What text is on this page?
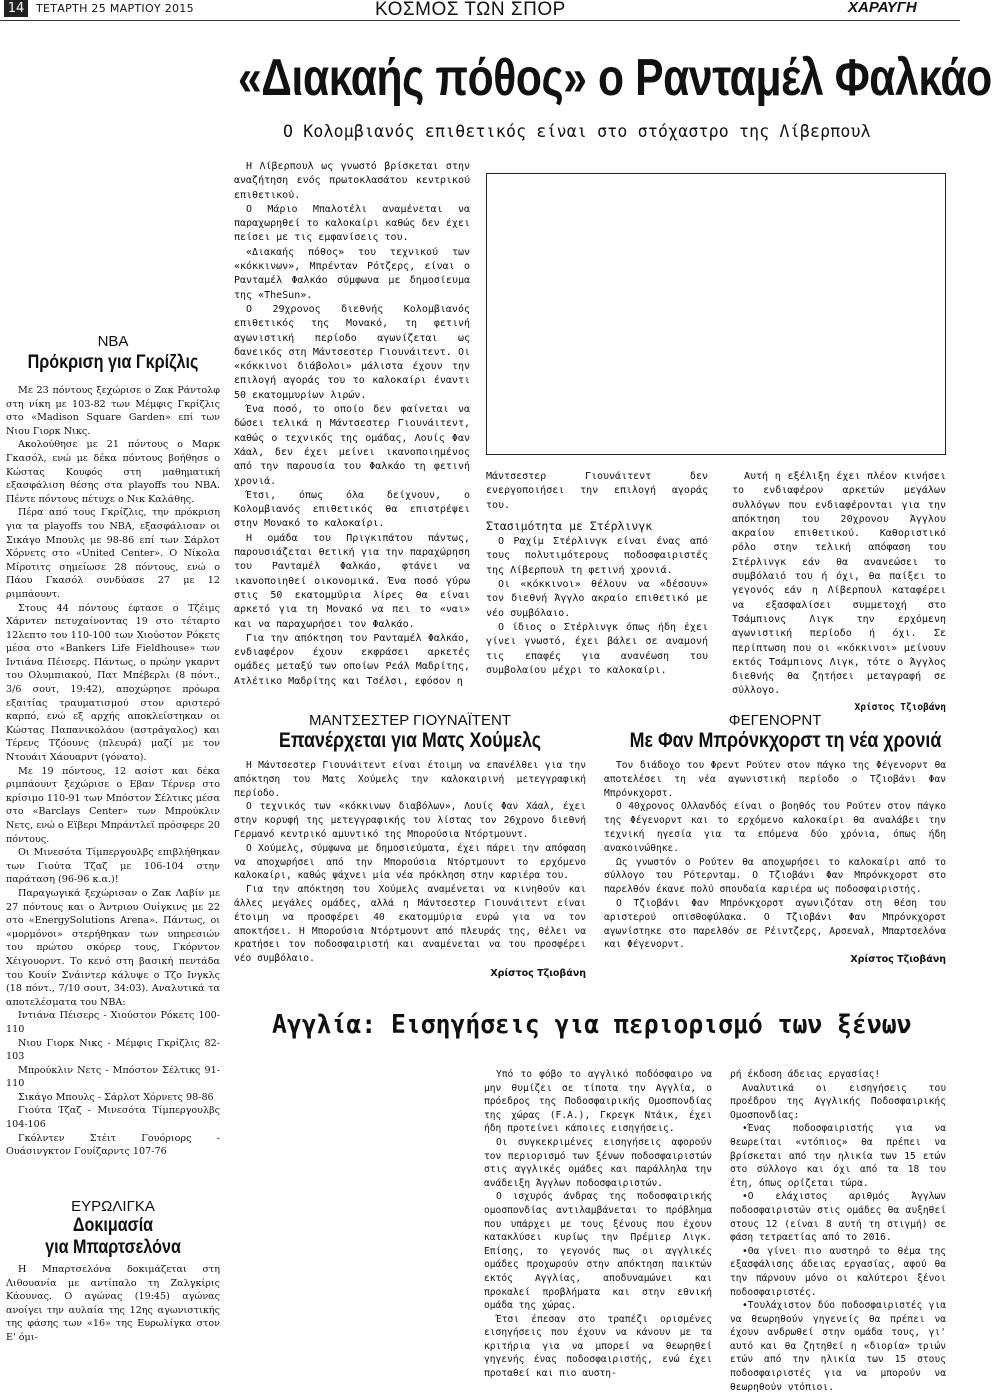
14	ΤΕΤΑΡΤΗ 25 ΜΑΡΤΙΟΥ 2015	ΚΟΣΜΟΣ ΤΩΝ ΣΠΟΡ	ΧΑΡΑΥΓΗ
«Διακαής πόθος» ο Ρανταμέλ Φαλκάο
Ο Κολομβιανός επιθετικός είναι στο στόχαστρο της Λίβερπουλ

Η Λίβερπουλ ως γνωστό βρίσκεται στην αναζήτηση ενός πρωτοκλασάτου κεντρικού επιθετικού.

Ο Μάριο Μπαλοτέλι αναμένεται να παραχωρηθεί το καλοκαίρι καθώς δεν έχει πείσει με τις εμφανίσεις του.

«Διακαής πόθος» του τεχνικού των «κόκκινων», Μπρένταν Ρότζερς, είναι ο Ρανταμέλ Φαλκάο σύμφωνα με δημοσίευμα της «TheSun».

Ο 29χρονος διεθνής Κολομβιανός επιθετικός της Μονακό, τη φετινή αγωνιστική περίοδο αγωνίζεται ως δανεικός στη Μάντσεστερ Γιουνάιτεντ. Οι «κόκκινοι διάβολοι» μάλιστα έχουν την επιλογή αγοράς του το καλοκαίρι έναντι 50 εκατομμυρίων λιρών.

Ένα ποσό, το οποίο δεν φαίνεται να δώσει τελικά η Μάντσεστερ Γιουνάιτεντ, καθώς ο τεχνικός της ομάδας, Λουίς Φαν Χάαλ, δεν έχει μείνει ικανοποιημένος από την παρουσία του Φαλκάο τη φετινή χρονιά.

Έτσι, όπως όλα δείχνουν, ο Κολομβιανός επιθετικός θα επιστρέψει στην Μονακό το καλοκαίρι.

Η ομάδα του Πριγκιπάτου πάντως, παρουσιάζεται θετική για την παραχώρηση του Ρανταμέλ Φαλκάο, φτάνει να ικανοποιηθεί οικονομικά. Ένα ποσό γύρω στις 50 εκατομμύρια λίρες θα είναι αρκετό για τη Μονακό να πει το «ναι» και να παραχωρήσει τον Φαλκάο.

Για την απόκτηση του Ρανταμέλ Φαλκάο, ενδιαφέρον έχουν εκφράσει αρκετές ομάδες μεταξύ των οποίων Ρεάλ Μαδρίτης, Ατλέτικο Μαδρίτης και Τσέλσι, εφόσον η

Μάντσεστερ Γιουνάιτεντ δεν ενεργοποιήσει την επιλογή αγοράς του.

Στασιμότητα με Στέρλινγκ

Ο Ραχίμ Στέρλινγκ είναι ένας από τους πολυτιμότερους ποδοσφαιριστές της Λίβερπουλ τη φετινή χρονιά.

Οι «κόκκινοι» θέλουν να «δέσουν» τον διεθνή Άγγλο ακραίο επιθετικό με νέο συμβόλαιο.

Ο ίδιος ο Στέρλινγκ όπως ήδη έχει γίνει γνωστό, έχει βάλει σε αναμονή τις επαφές για ανανέωση του συμβολαίου μέχρι το καλοκαίρι.

Αυτή η εξέλιξη έχει πλέον κινήσει το ενδιαφέρον αρκετών μεγάλων συλλόγων που ενδιαφέρονται για την απόκτηση του 20χρονου Άγγλου ακραίου επιθετικού. Καθοριστικό ρόλο στην τελική απόφαση του Στέρλινγκ εάν θα ανανεώσει το συμβόλαιό του ή όχι, θα παίξει το γεγονός εάν η Λίβερπουλ καταφέρει να εξασφαλίσει συμμετοχή στο Τσάμπιονς Λιγκ την ερχόμενη αγωνιστική περίοδο ή όχι. Σε περίπτωση που οι «κόκκινοι» μείνουν εκτός Τσάμπιονς Λιγκ, τότε ο Άγγλος διεθνής θα ζητήσει μεταγραφή σε σύλλογο.

Χρίστος Τζιοβάνη
NBA
Πρόκριση για Γκρίζλις

Με 23 πόντους ξεχώρισε ο Ζακ Ράντολφ στη νίκη με 103-82 των Μέμφις Γκρίζλις στο «Madison Square Garden» επί των Νιου Γιορκ Νικς.

Ακολούθησε με 21 πόντους ο Μαρκ Γκασόλ, ενώ με δέκα πόντους βοήθησε ο Κώστας Κουφός στη μαθηματική εξασφάλιση θέσης στα playoffs του NBA. Πέντε πόντους πέτυχε ο Νικ Καλάθης.

Πέρα από τους Γκρίζλις, την πρόκριση για τα playoffs του NBA, εξασφάλισαν οι Σικάγο Μπουλς με 98-86 επί των Σάρλοτ Χόρνετς στο «United Center». Ο Νίκολα Μίροτιτς σημείωσε 28 πόντους, ενώ ο Πάου Γκασόλ συνδύασε 27 με 12 ριμπάουντ.

Στους 44 πόντους έφτασε ο Τζέιμς Χάρντεν πετυχαίνοντας 19 στο τέταρτο 12λεπτο του 110-100 των Χιούστον Ρόκετς μέσα στο «Bankers Life Fieldhouse» των Ιντιάνα Πέισερς. Πάντως, ο πρώην γκαρντ του Ολυμπιακού, Πατ Μπέβερλι (8 πόντ., 3/6 σουτ, 19:42), αποχώρησε πρόωρα εξαιτίας τραυματισμού στον αριστερό καρπό, ενώ εξ αρχής αποκλείστηκαν οι Κώστας Παπανικολάου (αστράγαλος) και Τέρενς Τζόουνς (πλευρά) μαζί με τον Ντουάιτ Χάουαρντ (γόνατο).

Με 19 πόντους, 12 ασίστ και δέκα ριμπάουντ ξεχώρισε ο Εβαν Τέρνερ στο κρίσιμο 110-91 των Μπόστον Σέλτικς μέσα στο «Barclays Center» των Μπρούκλιν Νετς, ενώ ο Εϊβερι Μπράντλεϊ πρόσφερε 20 πόντους.

Οι Μινεσότα Τίμπεργουλβς επιβλήθηκαν των Γιούτα Τζαζ με 106-104 στην παράταση (96-96 κ.α.)!

Παραγωγικά ξεχώρισαν ο Ζακ Λαβίν με 27 πόντους και ο Άντριου Ουίγκινς με 22 στο «EnergySolutions Arena». Πάντως, οι «μορμόνοι» στερήθηκαν των υπηρεσιών του πρώτου σκόρερ τους, Γκόρντον Χέιγουορντ. Το κενό στη βασική πεντάδα του Κουίν Σνάιντερ κάλυψε ο Τζο Ινγκλς (18 πόντ., 7/10 σουτ, 34:03). Αναλυτικά τα αποτελέσματα του NBA:

Ιντιάνα Πέισερς - Χιούστον Ρόκετς 100-110

Νιου Γιορκ Νικς - Μέμφις Γκρίζλις 82-103

Μπρούκλιν Νετς - Μπόστον Σέλτικς 91-110

Σικάγο Μπουλς - Σάρλοτ Χόρνετς 98-86

Γιούτα Τζαζ - Μινεσότα Τίμπεργουλβς 104-106

Γκόλντεν Στέιτ Γουόριορς - Ουάσινγκτον Γουίζαρντς 107-76

ΕΥΡΩΛΙΓΚΑ
Δοκιμασία
για Μπαρτσελόνα

Η Μπαρτσελόνα δοκιμάζεται στη Λιθουανία με αντίπαλο τη Ζαλγκίρις Κάουνας. Ο αγώνας (19:45) αγώνας ανοίγει την αυλαία της 12ης αγωνιστικής της φάσης των «16» της Ευρωλίγκα στον Ε' όμι-

ΜΑΝΤΣΕΣΤΕΡ ΓΙΟΥΝΑΪΤΕΝΤ
Επανέρχεται για Ματς Χούμελς

Η Μάντσεστερ Γιουνάιτεντ είναι έτοιμη να επανέλθει για την απόκτηση του Ματς Χούμελς την καλοκαιρινή μετεγγραφική περίοδο.

Ο τεχνικός των «κόκκινων διαβόλων», Λουίς Φαν Χάαλ, έχει στην κορυφή της μετεγγραφικής του λίστας τον 26χρονο διεθνή Γερμανό κεντρικό αμυντικό της Μπορούσια Ντόρτμουντ.

Ο Χούμελς, σύμφωνα με δημοσιεύματα, έχει πάρει την απόφαση να αποχωρήσει από την Μπορούσια Ντόρτμουντ το ερχόμενο καλοκαίρι, καθώς ψάχνει μία νέα πρόκληση στην καριέρα του.

Για την απόκτηση του Χούμελς αναμένεται να κινηθούν και άλλες μεγάλες ομάδες, αλλά η Μάντσεστερ Γιουνάιτεντ είναι έτοιμη να προσφέρει 40 εκατομμύρια ευρώ για να τον αποκτήσει. Η Μπορούσια Ντόρτμουντ από πλευράς της, θέλει να κρατήσει τον ποδοσφαιριστή και αναμένεται να του προσφέρει νέο συμβόλαιο.

Χρίστος Τζιοβάνη
ΦΕΓΕΝΟΡΝΤ
Με Φαν Μπρόνκχορστ τη νέα χρονιά

Τον διάδοχο του Φρεντ Ρούτεν στον πάγκο της Φέγενορντ θα αποτελέσει τη νέα αγωνιστική περίοδο ο Τζιοβάνι Φαν Μπρόνκχορστ.

Ο 40χρονος Ολλανδός είναι ο βοηθός του Ρούτεν στον πάγκο της Φέγενορντ και το ερχόμενο καλοκαίρι θα αναλάβει την τεχνική ηγεσία για τα επόμενα δύο χρόνια, όπως ήδη ανακοινώθηκε.

Ως γνωστόν ο Ρούτεν θα αποχωρήσει το καλοκαίρι από το σύλλογο του Ρότερνταμ. Ο Τζιοβάνι Φαν Μπρόνκχορστ στο παρελθόν έκανε πολύ σπουδαία καριέρα ως ποδοσφαιριστής.

Ο Τζιοβάνι Φαν Μπρόνκχορστ αγωνιζόταν στη θέση του αριστερού οπισθοφύλακα. Ο Τζιοβάνι Φαν Μπρόνκχορστ αγωνίστηκε στο παρελθόν σε Ρέιντζερς, Αρσεναλ, Μπαρτσελόνα και Φέγενορντ.

Χρίστος Τζιοβάνη
Αγγλία: Εισηγήσεις για περιορισμό των ξένων

Υπό το φόβο το αγγλικό ποδόσφαιρο να μην θυμίζει σε τίποτα την Αγγλία, ο πρόεδρος της Ποδοσφαιρικής Ομοσπονδίας της χώρας (F.A.), Γκρεγκ Ντάικ, έχει ήδη προτείνει κάποιες εισηγήσεις.

Οι συγκεκριμένες εισηγήσεις αφορούν τον περιορισμό των ξένων ποδοσφαιριστών στις αγγλικές ομάδες και παράλληλα την ανάδειξη Άγγλων ποδοσφαιριστών.

Ο ισχυρός άνδρας της ποδοσφαιρικής ομοσπονδίας αντιλαμβάνεται το πρόβλημα που υπάρχει με τους ξένους που έχουν κατακλύσει κυρίως την Πρέμιερ Λιγκ. Επίσης, το γεγονός πως οι αγγλικές ομάδες προχωρούν στην απόκτηση παικτών εκτός Αγγλίας, αποδυναμώνει και προκαλεί προβλήματα και στην εθνική ομάδα της χώρας.

Έτσι έπεσαν στο τραπέζι ορισμένες εισηγήσεις που έχουν να κάνουν με τα κριτήρια για να μπορεί να θεωρηθεί γηγενής ένας ποδοσφαιριστής, ενώ έχει προταθεί και πιο αυστη-

ρή έκδοση άδειας εργασίας!

Αναλυτικά οι εισηγήσεις του προέδρου της Αγγλικής Ποδοσφαιρικής Ομοσπονδίας:

•Ένας ποδοσφαιριστής για να θεωρείται «ντόπιος» θα πρέπει να βρίσκεται από την ηλικία των 15 ετών στο σύλλογο και όχι από τα 18 του έτη, όπως ορίζεται τώρα.

•Ο ελάχιστος αριθμός Άγγλων ποδοσφαιριστών στις ομάδες θα αυξηθεί στους 12 (είναι 8 αυτή τη στιγμή) σε φάση τετραετίας από το 2016.

•Θα γίνει πιο αυστηρό το θέμα της εξασφάλισης άδειας εργασίας, αφού θα την πάρνουν μόνο οι καλύτεροι ξένοι ποδοσφαιριστές.

•Τουλάχιστον δύο ποδοσφαιριστές για να θεωρηθούν γηγενείς θα πρέπει να έχουν ανδρωθεί στην ομάδα τους, γι' αυτό και θα ζητηθεί η «διορία» τριών ετών από την ηλικία των 15 στους ποδοσφαιριστές για να μπορούν να θεωρηθούν ντόπιοι.
